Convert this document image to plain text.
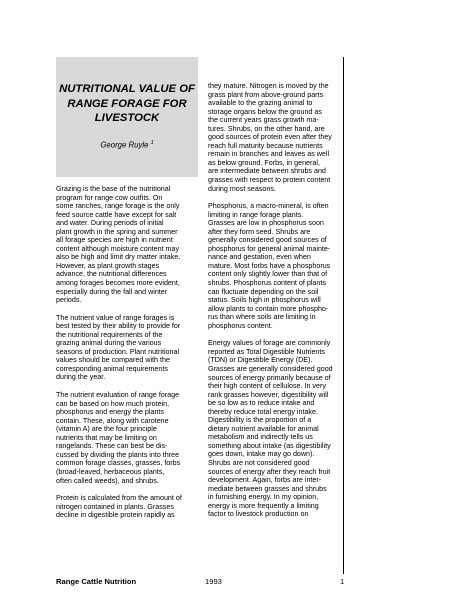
NUTRITIONAL VALUE OF
RANGE FORAGE FOR
LIVESTOCK
George Ruyle $^1$

Grazing is the base of the nutritional
program for range cow outfits. On
some ranches, range forage is the only
feed source cattle have except for salt
and water. During periods of initial
plant growth in the spring and summer
all forage species are high in nutrient
content although moisture content may
also be high and limit dry matter intake.
However, as plant growth stages
advance, the nutritional differences
among forages becomes more evident,
especially during the fall and winter
periods.

The nutrient value of range forages is
best tested by their ability to provide for
the nutritional requirements of the
grazing animal during the various
seasons of production. Plant nutritional
values should be compared with the
corresponding animal requirements
during the year.

The nutrient evaluation of range forage
can be based on how much protein,
phosphorus and energy the plants
contain. These, along with carotene
(vitamin A) are the four principle
nutrients that may be limiting on
rangelands. These can best be dis-
cussed by dividing the plants into three
common forage classes, grasses, forbs
(broad-leaved, herbaceous plants,
often called weeds), and shrubs.

Protein is calculated from the amount of
nitrogen contained in plants. Grasses
decline in digestible protein rapidly as

they mature. Nitrogen is moved by the
grass plant from above-ground parts
available to the grazing animal to
storage organs below the ground as
the current years grass growth ma-
tures. Shrubs, on the other hand, are
good sources of protein even after they
reach full maturity because nutrients
remain in branches and leaves as well
as below ground. Forbs, in general,
are intermediate between shrubs and
grasses with respect to protein content
during most seasons.

Phosphorus, a macro-mineral, is often
limiting in range forage plants.
Grasses are low in phosphorus soon
after they form seed. Shrubs are
generally considered good sources of
phosphorus for general animal mainte-
nance and gestation, even when
mature. Most forbs have a phosphorus
content only slightly lower than that of
shrubs. Phosphorus content of plants
can fluctuate depending on the soil
status. Soils high in phosphorus will
allow plants to contain more phospho-
rus than where soils are limiting in
phosphorus content.

Energy values of forage are commonly
reported as Total Digestible Nutrients
(TDN) or Digestible Energy (DE).
Grasses are generally considered good
sources of energy primarily because of
their high content of cellulose. In very
rank grasses however, digestibility will
be so low as to reduce intake and
thereby reduce total energy intake.
Digestibility is the proportion of a
dietary nutrient available for animal
metabolism and indirectly tells us
something about intake (as digestibility
goes down, intake may go down).
Shrubs are not considered good
sources of energy after they reach fruit
development. Again, forbs are inter-
mediate between grasses and shrubs
in furnishing energy. In my opinion,
energy is more frequently a limiting
factor to livestock production on

Range Cattle Nutrition	1993	1
